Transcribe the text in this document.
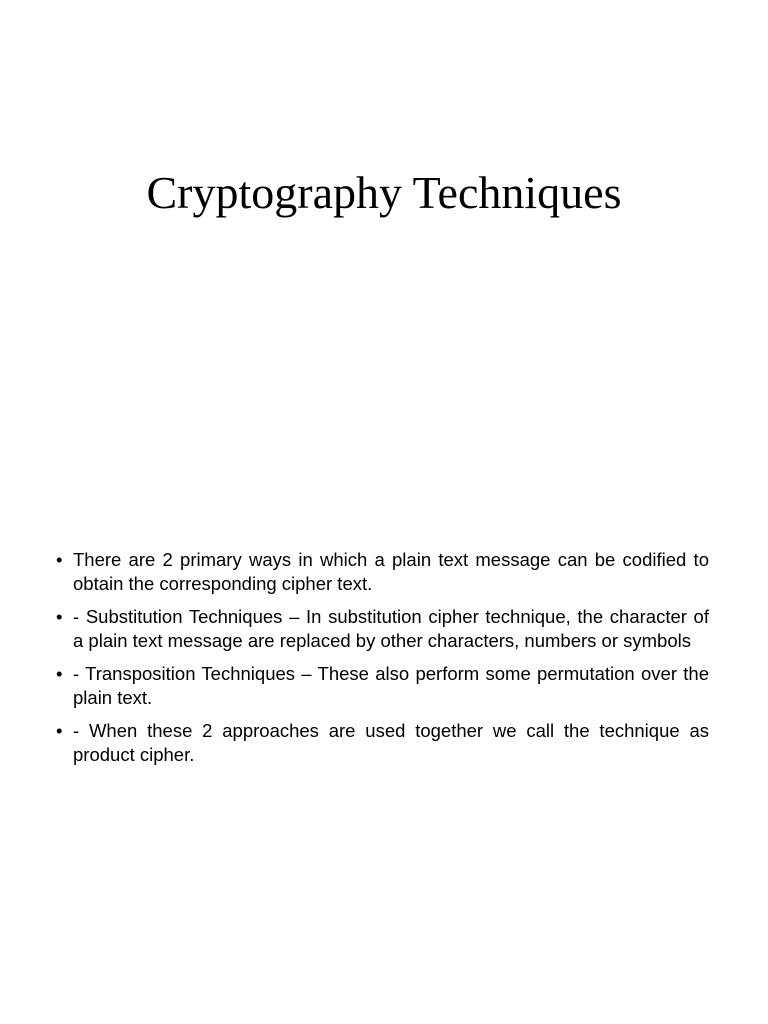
Cryptography Techniques
• There are 2 primary ways in which a plain text message can be codified to obtain the corresponding cipher text.
• - Substitution Techniques – In substitution cipher technique, the character of a plain text message are replaced by other characters, numbers or symbols
• - Transposition Techniques – These also perform some permutation over the plain text.
• - When these 2 approaches are used together we call the technique as product cipher.
